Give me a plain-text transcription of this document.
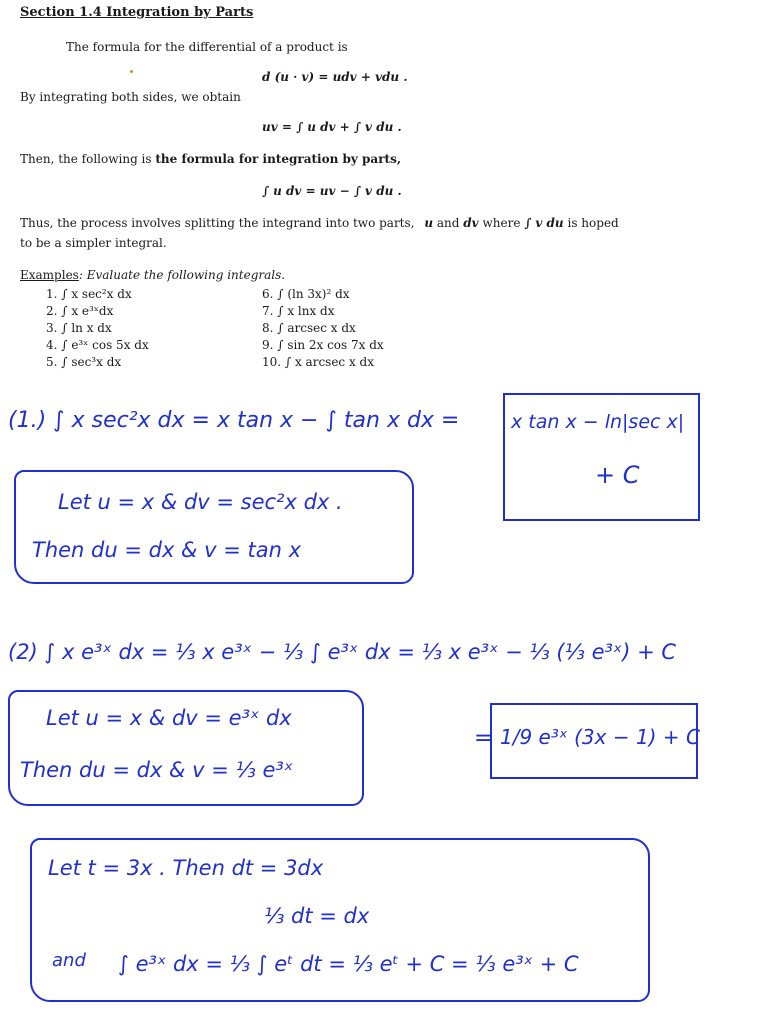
Section 1.4 Integration by Parts
The formula for the differential of a product is
d (u · v) = udv + vdu .
By integrating both sides, we obtain
uv = ∫ u dv + ∫ v du .
Then, the following is the formula for integration by parts,
∫ u dv = uv − ∫ v du .
Thus, the process involves splitting the integrand into two parts, u and dv where ∫ v du is hoped
to be a simpler integral.
Examples: Evaluate the following integrals.
1. ∫ x sec²x dx
2. ∫ x e³ˣdx
3. ∫ ln x dx
4. ∫ e³ˣ cos 5x dx
5. ∫ sec³x dx
6. ∫ (ln 3x)² dx
7. ∫ x lnx dx
8. ∫ arcsec x dx
9. ∫ sin 2x cos 7x dx
10. ∫ x arcsec x dx
(1.) ∫ x sec²x dx = x tan x − ∫ tan x dx =	x tan x − ln|sec x|
+ C
Let u = x & dv = sec²x dx .
Then du = dx & v = tan x
(2) ∫ x e³ˣ dx = ⅓ x e³ˣ − ⅓ ∫ e³ˣ dx = ⅓ x e³ˣ − ⅓ (⅓ e³ˣ) + C
Let u = x & dv = e³ˣ dx
Then du = dx & v = ⅓ e³ˣ
= 1/9 e³ˣ (3x − 1) + C
Let t = 3x . Then dt = 3dx
⅓ dt = dx
and ∫ e³ˣ dx = ⅓ ∫ eᵗ dt = ⅓ eᵗ + C = ⅓ e³ˣ + C
